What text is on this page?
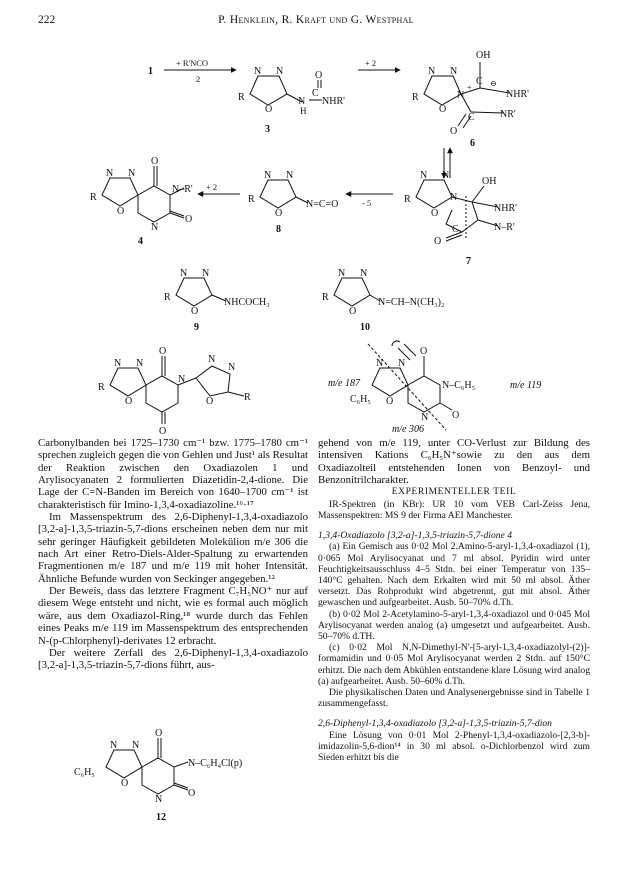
222	P. Henklein, R. Kraft und G. Westphal
1
+ R'NCO
2
+ 2
N N
O
R	N
H
C
O
NHR'
3
N N
O
R	N
+
OH
C ⊖
NHR'
C	NR'
O
6
N N
O
R
O
N–R'
O
N
+ 2
4
N N
O
R	N=C=O
8
- 5
N N
O
R	N
OH
NHR'
N–R'
O
C
7
N N
O
R	NHCOCH₃
9
N N
O
R	N=CH–N(CH₃)₂
10
N N
O
R
O
O
N
N
N
O	R
m/e 187
N N
O
C₆H₅
O
N–C₆H₅	m/e 119
O
N
m/e 306

Carbonylbanden bei 1725–1730 cm⁻¹ bzw. 1775–1780 cm⁻¹ sprechen zugleich gegen die von Gehlen und Just¹ als Resultat der Reaktion zwischen den Oxadiazolen 1 und Arylisocyanaten 2 formulierten Diazetidin-2,4-dione. Die Lage der C=N-Banden im Bereich von 1640–1700 cm⁻¹ ist charakteristisch für Imino-1,3,4-oxadiazoline.¹⁶·¹⁷

Im Massenspektrum des 2,6-Diphenyl-1,3,4-oxadiazolo [3,2-a]-1,3,5-triazin-5,7-dions erscheinen neben dem nur mit sehr geringer Häufigkeit gebildeten Molekülion m/e 306 die nach Art einer Retro-Diels-Alder-Spaltung zu erwartenden Fragmentionen m/e 187 und m/e 119 mit hoher Intensität. Ähnliche Befunde wurden von Seckinger angegeben.¹²

Der Beweis, dass das letztere Fragment C₇H₅NO⁺ nur auf diesem Wege entsteht und nicht, wie es formal auch möglich wäre, aus dem Oxadiazol-Ring,¹⁸ wurde durch das Fehlen eines Peaks m/e 119 im Massenspektrum des entsprechenden N-(p-Chlorphenyl)-derivates 12 erbracht.

Der weitere Zerfall des 2,6-Diphenyl-1,3,4-oxadiazolo [3,2-a]-1,3,5-triazin-5,7-dions führt, aus-

N N
O
C₆H₅
O
N–C₆H₄Cl(p)
O
N
12

gehend von m/e 119, unter CO-Verlust zur Bildung des intensiven Kations C₆H₅N⁺sowie zu den aus dem Oxadiazolteil entstehenden Ionen von Benzoyl- und Benzonitrilcharakter.

EXPERIMENTELLER TEIL

IR-Spektren (in KBr): UR 10 vom VEB Carl-Zeiss Jena, Massenspektren: MS 9 der Firma AEI Manchester.

1,3,4-Oxadiazolo [3,2-a]-1,3,5-triazin-5,7-dione 4

(a) Ein Gemisch aus 0·02 Mol 2.Amino-5-aryl-1,3,4-oxadiazol (1), 0·065 Mol Arylisocyanat und 7 ml absol. Pyridin wird unter Feuchtigkeitsausschluss 4–5 Stdn. bei einer Temperatur von 135–140°C gehalten. Nach dem Erkalten wird mit 50 ml absol. Äther versetzt. Das Rohprodukt wird abgetrennt, gut mit absol. Äther gewaschen und aufgearbeitet. Ausb. 50–70% d.Th.

(b) 0·02 Mol 2-Acetylamino-5-aryl-1,3,4-oxadiazol und 0·045 Mol Arylisocyanat werden analog (a) umgesetzt und aufgearbeitet. Ausb. 50–70% d.TH.

(c) 0·02 Mol N,N-Dimethyl-N'-[5-aryl-1,3,4-oxadiazolyl-(2)]-formamidin und 0·05 Mol Arylisocyanat werden 2 Stdn. auf 150°C erhitzt. Die nach dem Abkühlen entstandene klare Lösung wird analog (a) aufgearbeitet. Ausb. 50–60% d.Th.

Die physikalischen Daten und Analysenergebnisse sind in Tabelle 1 zusammengefasst.

2,6-Diphenyl-1,3,4-oxadiazolo [3,2-a]-1,3,5-triazin-5,7-dion

Eine Lösung von 0·01 Mol 2-Phenyl-1,3,4-oxadiazolo-[2,3-b]-imidazolin-5,6-dion¹⁴ in 30 ml absol. o-Dichlorbenzol wird zum Sieden erhitzt bis die
